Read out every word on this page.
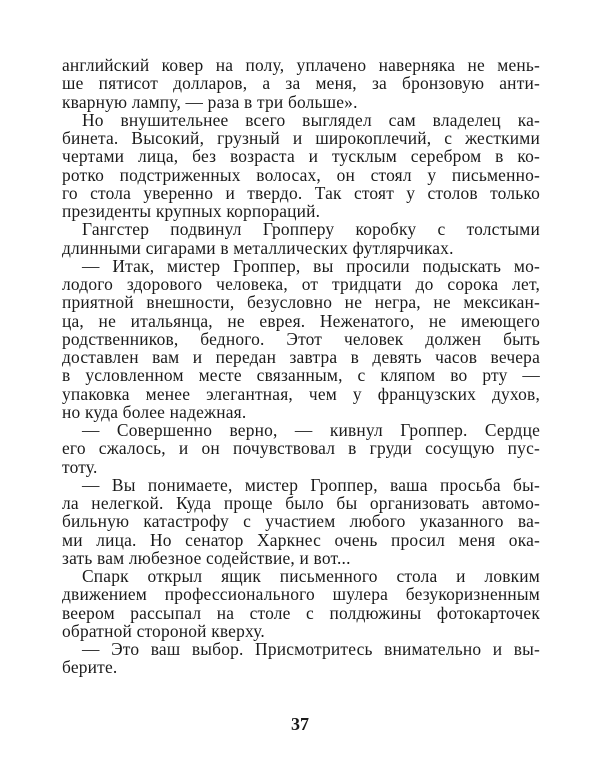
английский ковер на полу, уплачено наверняка не мень-
ше пятисот долларов, а за меня, за бронзовую анти-
кварную лампу, — раза в три больше».
Но внушительнее всего выглядел сам владелец ка-
бинета. Высокий, грузный и широкоплечий, с жесткими
чертами лица, без возраста и тусклым серебром в ко-
ротко подстриженных волосах, он стоял у письменно-
го стола уверенно и твердо. Так стоят у столов только
президенты крупных корпораций.
Гангстер подвинул Гропперу коробку с толстыми
длинными сигарами в металлических футлярчиках.
— Итак, мистер Гроппер, вы просили подыскать мо-
лодого здорового человека, от тридцати до сорока лет,
приятной внешности, безусловно не негра, не мексикан-
ца, не итальянца, не еврея. Неженатого, не имеющего
родственников, бедного. Этот человек должен быть
доставлен вам и передан завтра в девять часов вечера
в условленном месте связанным, с кляпом во рту —
упаковка менее элегантная, чем у французских духов,
но куда более надежная.
— Совершенно верно, — кивнул Гроппер. Сердце
его сжалось, и он почувствовал в груди сосущую пус-
тоту.
— Вы понимаете, мистер Гроппер, ваша просьба бы-
ла нелегкой. Куда проще было бы организовать автомо-
бильную катастрофу с участием любого указанного ва-
ми лица. Но сенатор Харкнес очень просил меня ока-
зать вам любезное содействие, и вот...
Спарк открыл ящик письменного стола и ловким
движением профессионального шулера безукоризненным
веером рассыпал на столе с полдюжины фотокарточек
обратной стороной кверху.
— Это ваш выбор. Присмотритесь внимательно и вы-
берите.
37
